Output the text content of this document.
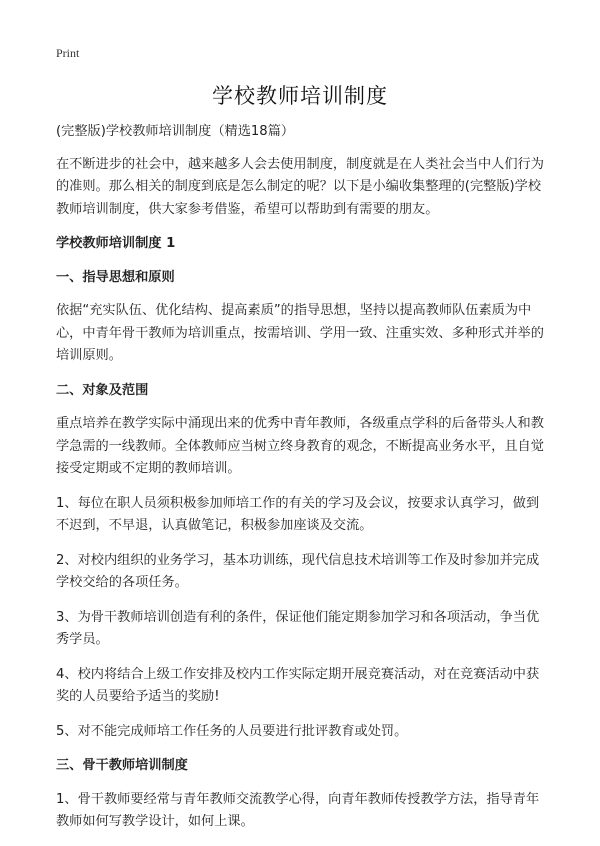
Print
学校教师培训制度

(完整版)学校教师培训制度（精选18篇）

在不断进步的社会中，越来越多人会去使用制度，制度就是在人类社会当中人们行为的准则。那么相关的制度到底是怎么制定的呢？以下是小编收集整理的(完整版)学校教师培训制度，供大家参考借鉴，希望可以帮助到有需要的朋友。

学校教师培训制度 1

一、指导思想和原则

依据“充实队伍、优化结构、提高素质”的指导思想，坚持以提高教师队伍素质为中心，中青年骨干教师为培训重点，按需培训、学用一致、注重实效、多种形式并举的培训原则。

二、对象及范围

重点培养在教学实际中涌现出来的优秀中青年教师，各级重点学科的后备带头人和教学急需的一线教师。全体教师应当树立终身教育的观念，不断提高业务水平，且自觉接受定期或不定期的教师培训。

1、每位在职人员须积极参加师培工作的有关的学习及会议，按要求认真学习，做到不迟到，不早退，认真做笔记，积极参加座谈及交流。

2、对校内组织的业务学习，基本功训练，现代信息技术培训等工作及时参加并完成学校交给的各项任务。

3、为骨干教师培训创造有利的条件，保证他们能定期参加学习和各项活动，争当优秀学员。

4、校内将结合上级工作安排及校内工作实际定期开展竞赛活动，对在竞赛活动中获奖的人员要给予适当的奖励!

5、对不能完成师培工作任务的人员要进行批评教育或处罚。

三、骨干教师培训制度

1、骨干教师要经常与青年教师交流教学心得，向青年教师传授教学方法，指导青年教师如何写教学设计，如何上课。
